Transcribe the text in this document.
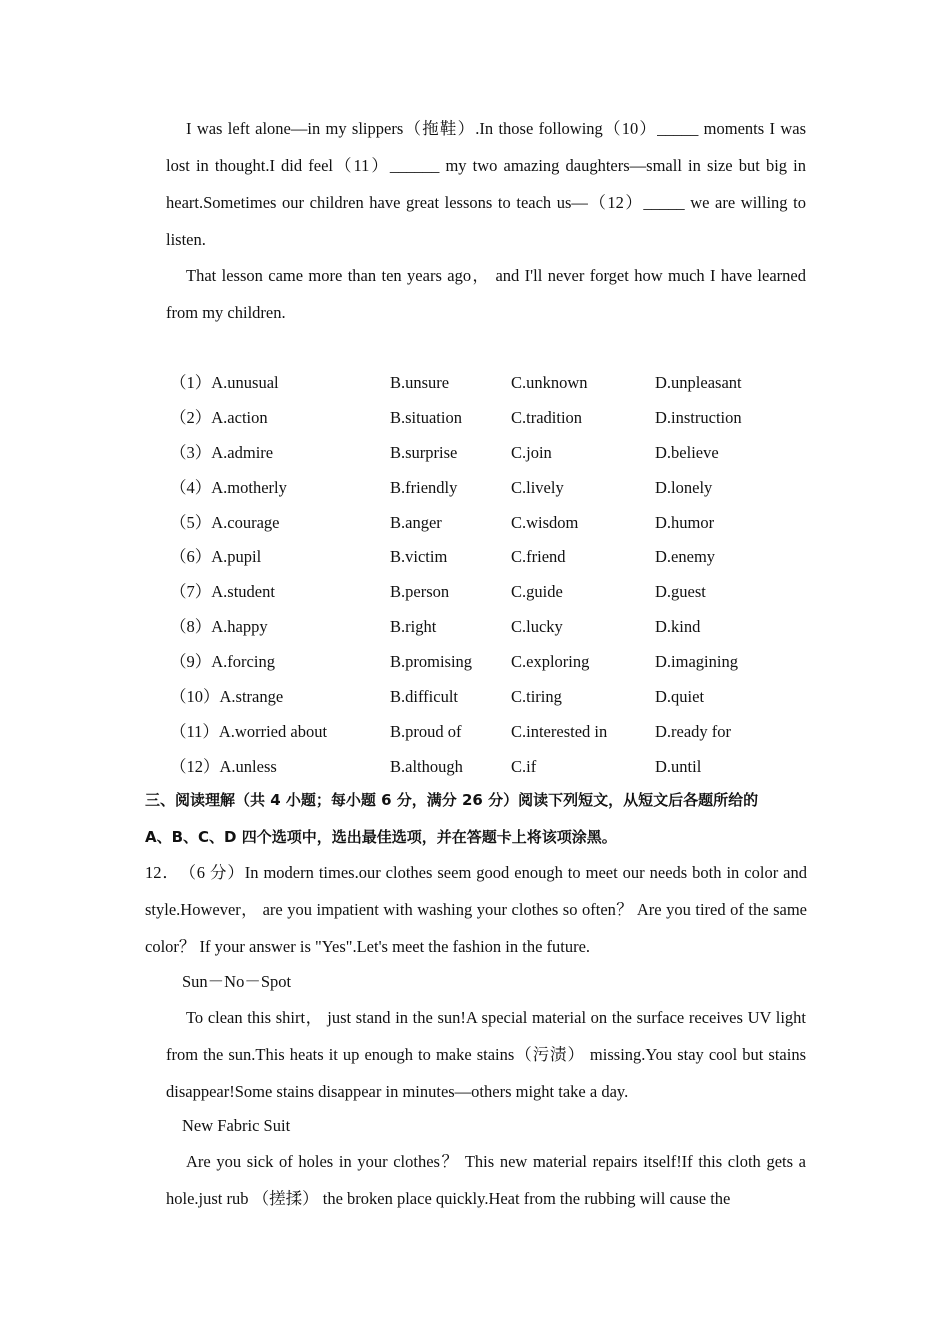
I was left alone—in my slippers（拖鞋）.In those following（10）_____ moments I was lost in thought.I did feel（11）______ my two amazing daughters—small in size but big in heart.Sometimes our children have great lessons to teach us—（12）_____ we are willing to listen.

That lesson came more than ten years ago， and I'll never forget how much I have learned from my children.

（1）A.unusual	B.unsure	C.unknown	D.unpleasant
（2）A.action	B.situation	C.tradition	D.instruction
（3）A.admire	B.surprise	C.join	D.believe
（4）A.motherly	B.friendly	C.lively	D.lonely
（5）A.courage	B.anger	C.wisdom	D.humor
（6）A.pupil	B.victim	C.friend	D.enemy
（7）A.student	B.person	C.guide	D.guest
（8）A.happy	B.right	C.lucky	D.kind
（9）A.forcing	B.promising C.exploring	D.imagining
（10）A.strange	B.difficult	C.tiring	D.quiet
（11）A.worried about	B.proud of	C.interested in	D.ready for
（12）A.unless	B.although	C.if	D.until

三、阅读理解（共 4 小题；每小题 6 分，满分 26 分）阅读下列短文，从短文后各题所给的

A、B、C、D 四个选项中，选出最佳选项，并在答题卡上将该项涂黑。

12． （6 分）In modern times.our clothes seem good enough to meet our needs both in color and style.However， are you impatient with washing your clothes so often？ Are you tired of the same color？ If your answer is "Yes".Let's meet the fashion in the future.

Sun－No－Spot

To clean this shirt， just stand in the sun!A special material on the surface receives UV light from the sun.This heats it up enough to make stains（污渍） missing.You stay cool but stains disappear!Some stains disappear in minutes—others might take a day.

New Fabric Suit

Are you sick of holes in your clothes？ This new material repairs itself!If this cloth gets a hole.just rub （搓揉） the broken place quickly.Heat from the rubbing will cause the
